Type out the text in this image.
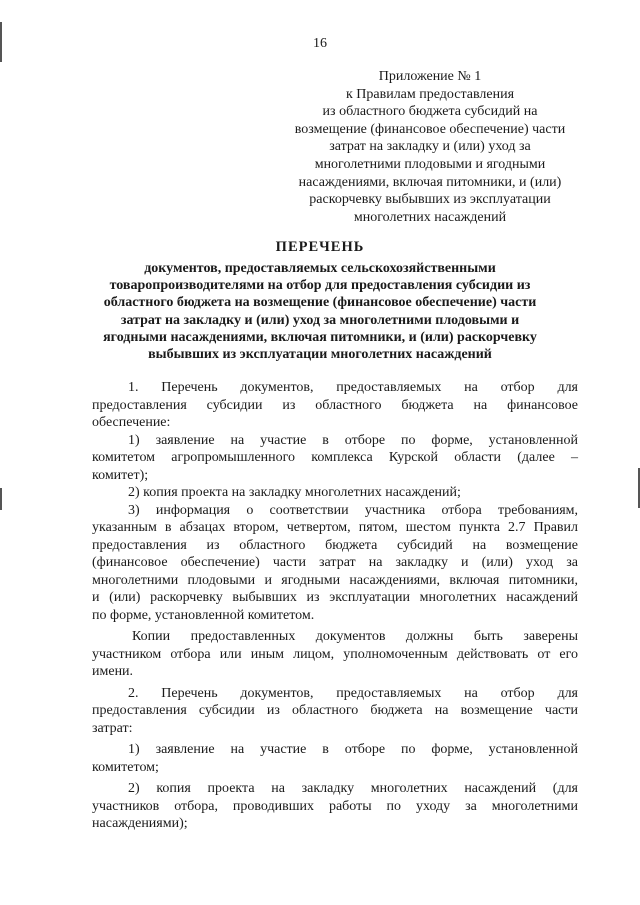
16
Приложение № 1
к Правилам предоставления
из областного бюджета субсидий на
возмещение (финансовое обеспечение) части
затрат на закладку и (или) уход за
многолетними плодовыми и ягодными
насаждениями, включая питомники, и (или)
раскорчевку выбывших из эксплуатации
многолетних насаждений
ПЕРЕЧЕНЬ
документов, предоставляемых сельскохозяйственными
товаропроизводителями на отбор для предоставления субсидии из
областного бюджета на возмещение (финансовое обеспечение) части
затрат на закладку и (или) уход за многолетними плодовыми и
ягодными насаждениями, включая питомники, и (или) раскорчевку
выбывших из эксплуатации многолетних насаждений

1. Перечень документов, предоставляемых на отбор для

предоставления субсидии из областного бюджета на финансовое

обеспечение:

1) заявление на участие в отборе по форме, установленной

комитетом агропромышленного комплекса Курской области (далее –

комитет);

2) копия проекта на закладку многолетних насаждений;

3) информация о соответствии участника отбора требованиям,

указанным в абзацах втором, четвертом, пятом, шестом пункта 2.7 Правил

предоставления из областного бюджета субсидий на возмещение

(финансовое обеспечение) части затрат на закладку и (или) уход за

многолетними плодовыми и ягодными насаждениями, включая питомники,

и (или) раскорчевку выбывших из эксплуатации многолетних насаждений

по форме, установленной комитетом.

Копии предоставленных документов должны быть заверены

участником отбора или иным лицом, уполномоченным действовать от его

имени.

2. Перечень документов, предоставляемых на отбор для

предоставления субсидии из областного бюджета на возмещение части

затрат:

1) заявление на участие в отборе по форме, установленной

комитетом;

2) копия проекта на закладку многолетних насаждений (для

участников отбора, проводивших работы по уходу за многолетними

насаждениями);
